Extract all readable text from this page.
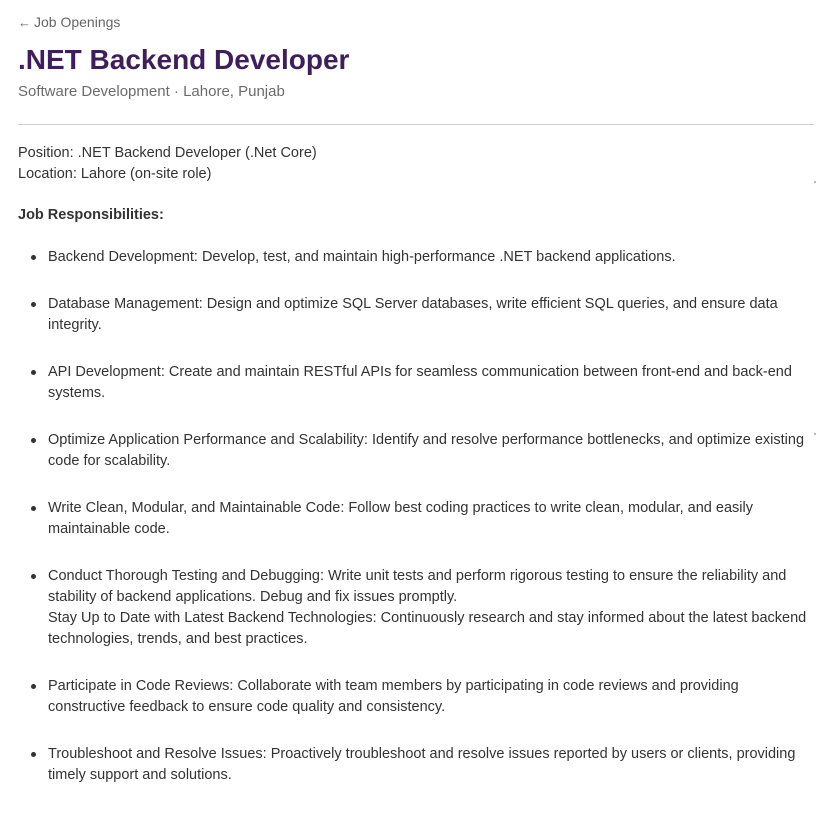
← Job Openings
.NET Backend Developer
Software Development · Lahore, Punjab
Position: .NET Backend Developer (.Net Core)
Location: Lahore (on-site role)
Job Responsibilities:
Backend Development: Develop, test, and maintain high-performance .NET backend applications.
Database Management: Design and optimize SQL Server databases, write efficient SQL queries, and ensure data integrity.
API Development: Create and maintain RESTful APIs for seamless communication between front-end and back-end systems.
Optimize Application Performance and Scalability: Identify and resolve performance bottlenecks, and optimize existing code for scalability.
Write Clean, Modular, and Maintainable Code: Follow best coding practices to write clean, modular, and easily maintainable code.
Conduct Thorough Testing and Debugging: Write unit tests and perform rigorous testing to ensure the reliability and stability of backend applications. Debug and fix issues promptly.
Stay Up to Date with Latest Backend Technologies: Continuously research and stay informed about the latest backend technologies, trends, and best practices.
Participate in Code Reviews: Collaborate with team members by participating in code reviews and providing constructive feedback to ensure code quality and consistency.
Troubleshoot and Resolve Issues: Proactively troubleshoot and resolve issues reported by users or clients, providing timely support and solutions.
